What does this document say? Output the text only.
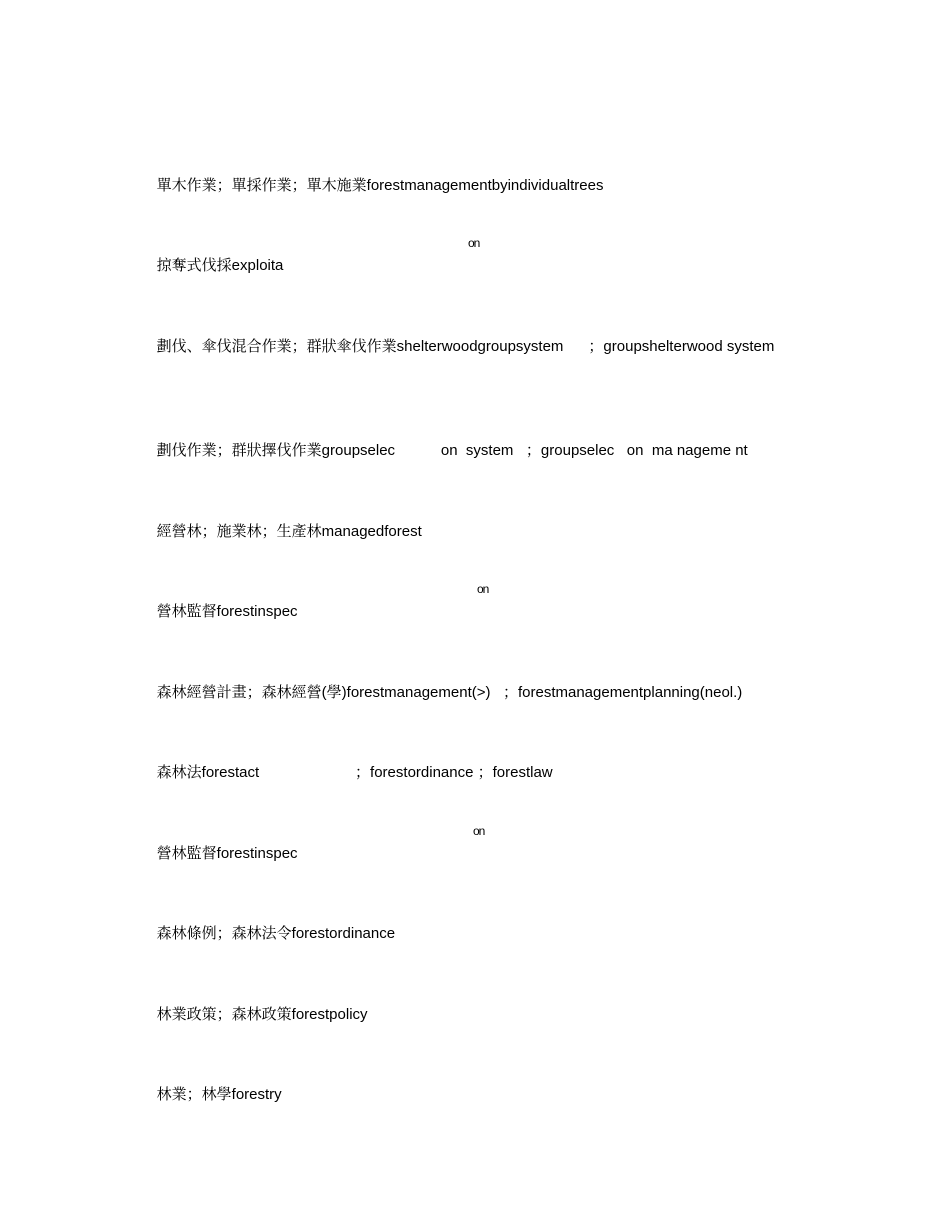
單木作業；單採作業；單木施業forestmanagementbyindividualtrees

掠奪式伐採exploita

on

劃伐、傘伐混合作業；群狀傘伐作業shelterwoodgroupsystem      ；groupshelterwood system

劃伐作業；群狀擇伐作業groupselec           on  system   ；groupselec   on  ma nageme nt

經營林；施業林；生產林managedforest

營林監督forestinspec

on

森林經營計畫；森林經營(學)forestmanagement(>)   ；forestmanagementplanning(neol.)

森林法forestact                       ；forestordinance ；forestlaw

營林監督forestinspec

on

森林條例；森林法令forestordinance

林業政策；森林政策forestpolicy

林業；林學forestry
